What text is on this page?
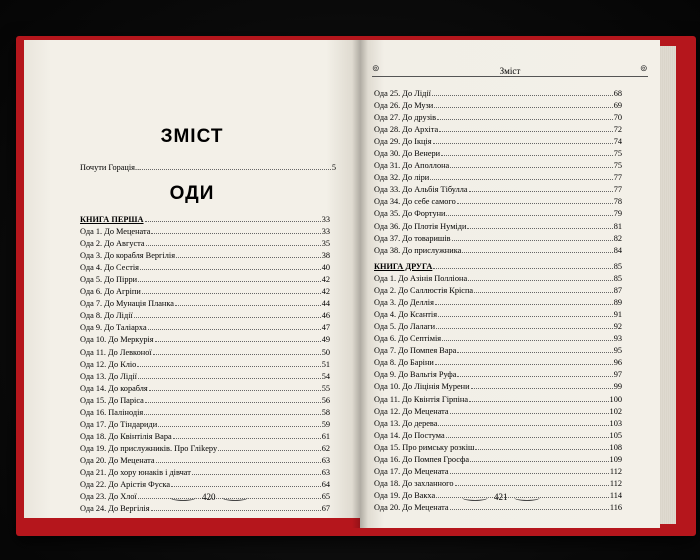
ЗМІСТ
Почути Горація...	5
ОДИ
КНИГА ПЕРША	33
Ода 1. До Мецената	33
Ода 2. До Августа	35
Ода 3. До корабля Вергілія	38
Ода 4. До Сестія	40
Ода 5. До Пірри	42
Ода 6. До Агріпи	42
Ода 7. До Мунація Планка	44
Ода 8. До Лідії	46
Ода 9. До Таліарха	47
Ода 10. До Меркурія	49
Ода 11. До Левконої	50
Ода 12. До Кліо	51
Ода 13. До Лідії	54
Ода 14. До корабля	55
Ода 15. До Паріса	56
Ода 16. Палінодія	58
Ода 17. До Тіндариди	59
Ода 18. До Квінтілія Вара	61
Ода 19. До прислужників. Про Гліkeру	62
Ода 20. До Мецената	63
Ода 21. До хору юнаків і дівчат	63
Ода 22. До Арістія Фуска	64
Ода 23. До Хлої	65
Ода 24. До Вергілія	67
420
⊚	⊚
Зміст
Ода 25. До Лідії	68
Ода 26. До Музи	69
Ода 27. До друзів	70
Ода 28. До Архіта	72
Ода 29. До Ікція	74
Ода 30. До Венери	75
Ода 31. До Аполлона	75
Ода 32. До ліри	77
Ода 33. До Альбія Тібулла	77
Ода 34. До себе самого	78
Ода 35. До Фортуни	79
Ода 36. До Плотія Нуміди	81
Ода 37. До товаришів	82
Ода 38. До прислужника	84
КНИГА ДРУГА	85
Ода 1. До Азінія Полліона	85
Ода 2. До Саллюстія Кріспа	87
Ода 3. До Деллія	89
Ода 4. До Ксантія	91
Ода 5. До Лалаги	92
Ода 6. До Септімія	93
Ода 7. До Помпея Вара	95
Ода 8. До Баріни	96
Ода 9. До Вальгія Руфа	97
Ода 10. До Ліцінія Мурени	99
Ода 11. До Квінтія Гірпіна	100
Ода 12. До Мецената	102
Ода 13. До дерева	103
Ода 14. До Постума	105
Ода 15. Про римську розкіш	108
Ода 16. До Помпея Гросфа	109
Ода 17. До Мецената	112
Ода 18. До захланного	112
Ода 19. До Вакха	114
Ода 20. До Мецената	116
421
